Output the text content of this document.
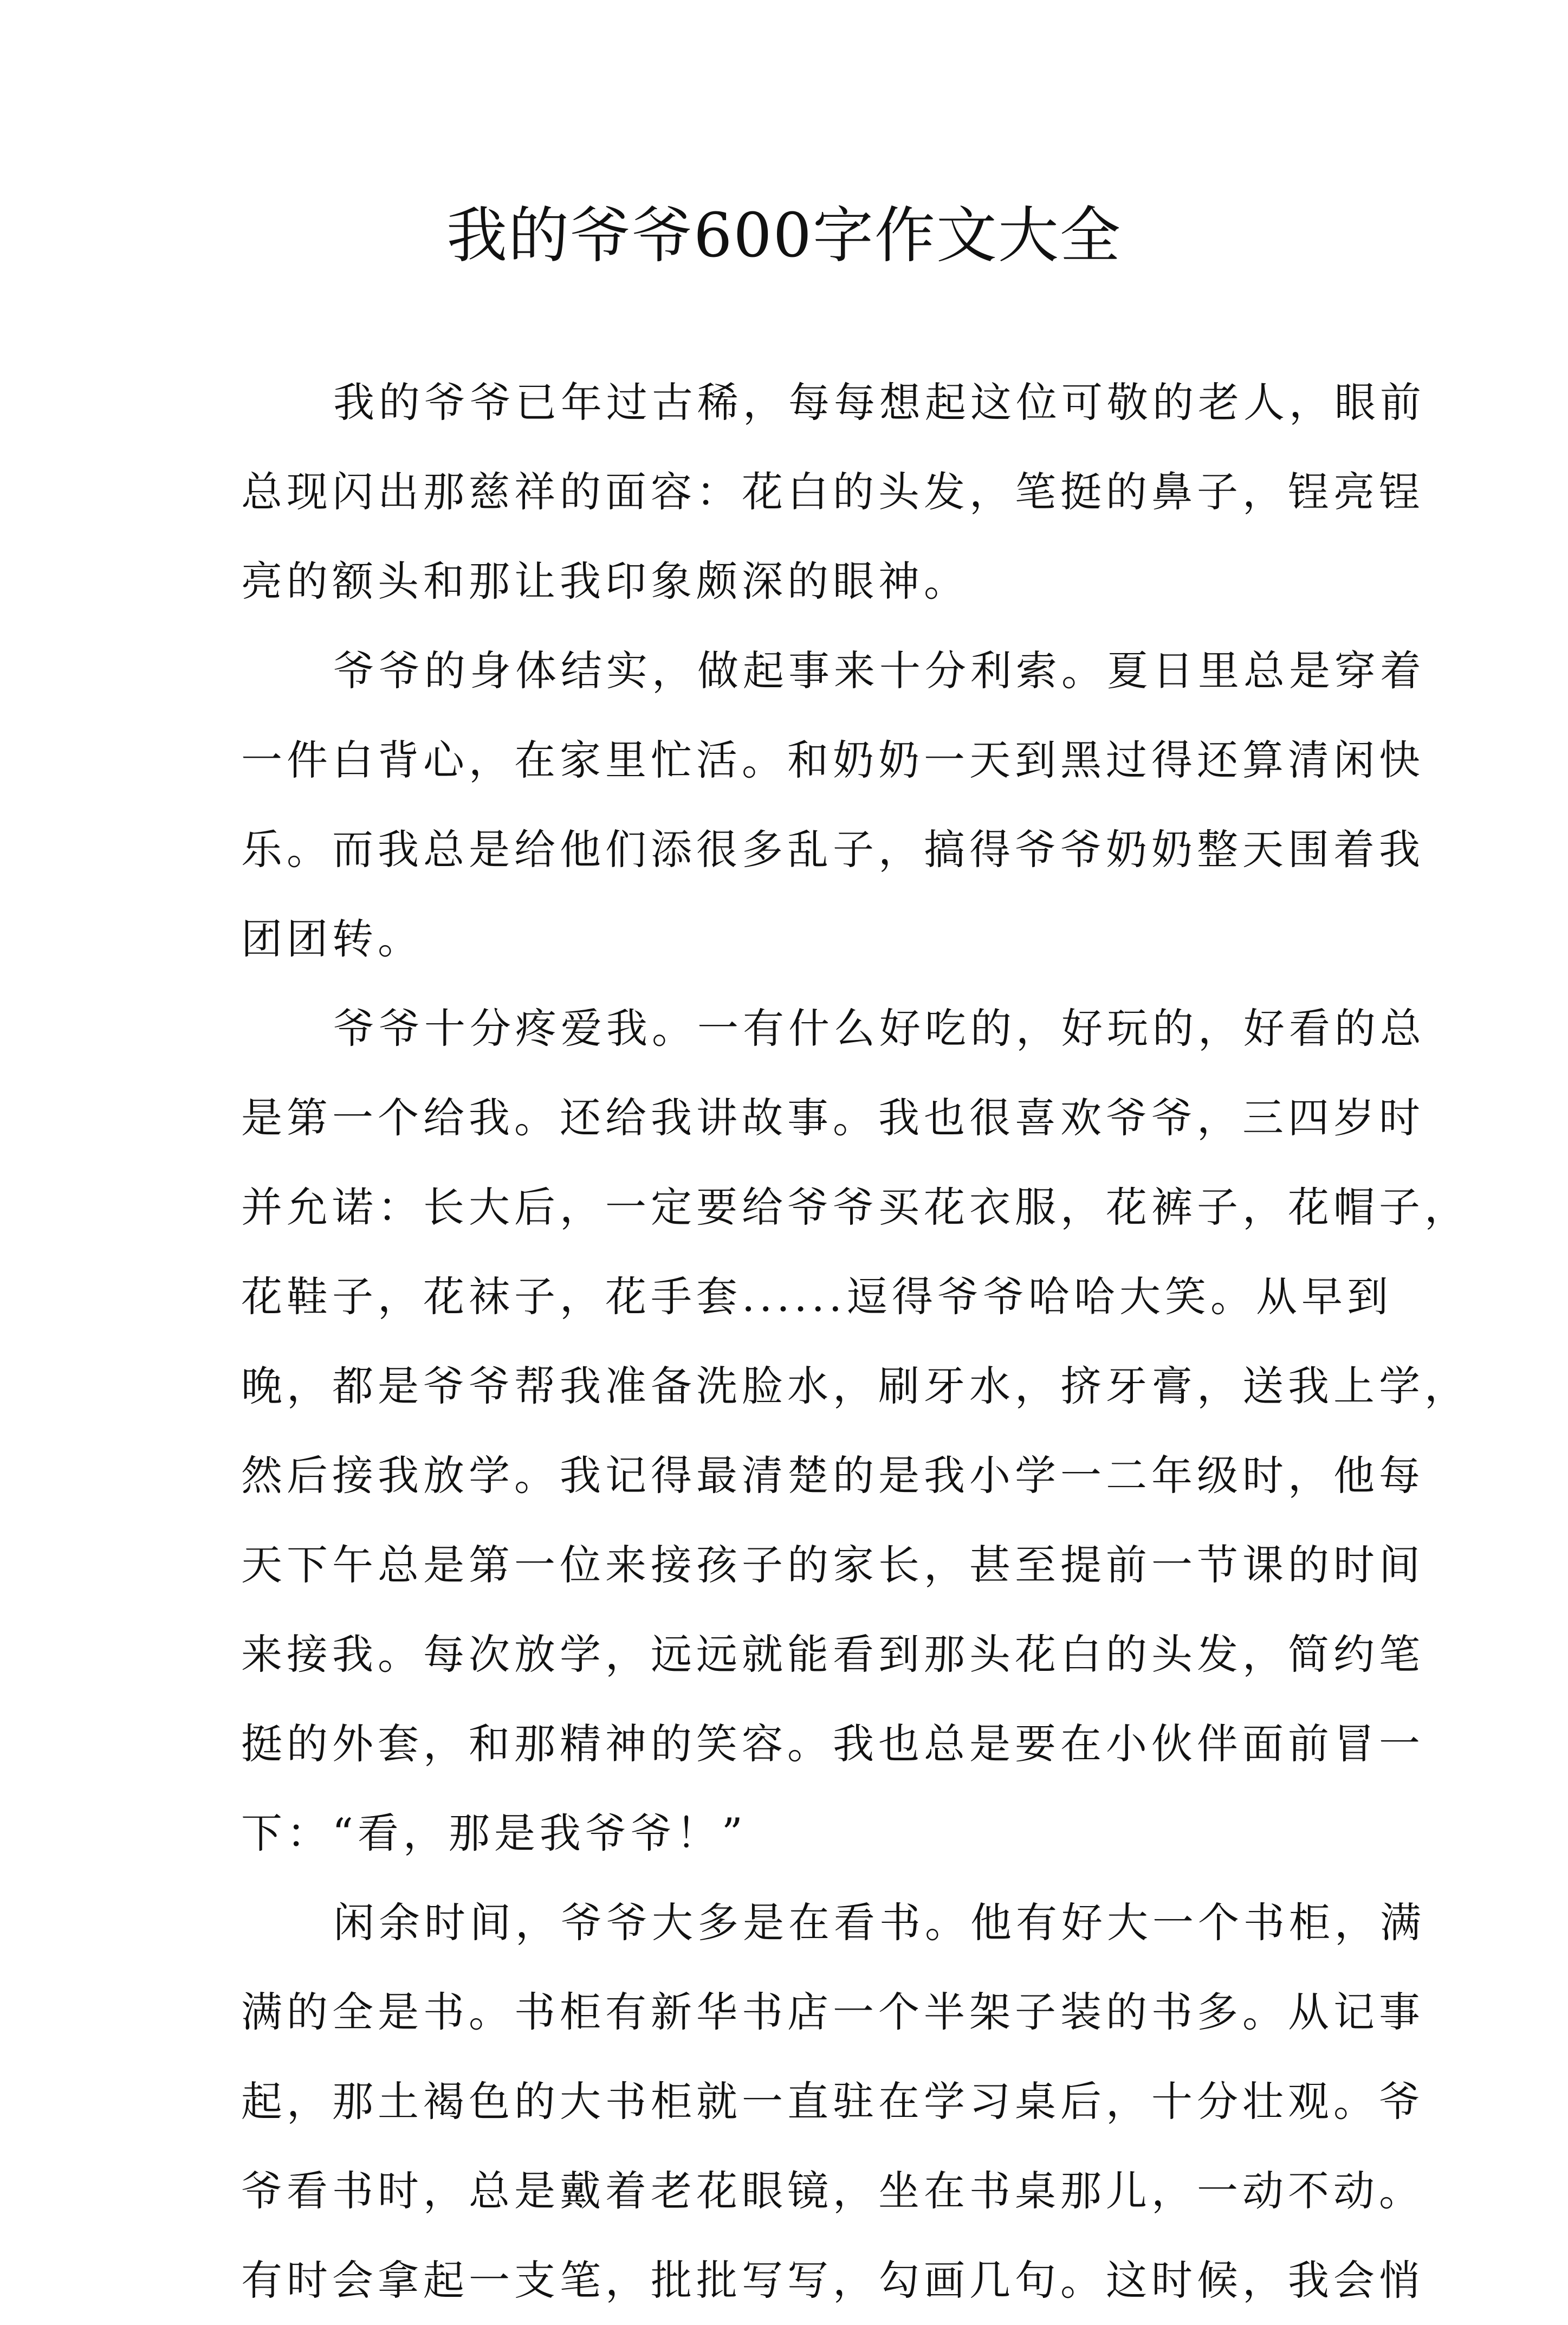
我的爷爷600字作文大全
我的爷爷已年过古稀，每每想起这位可敬的老人，眼前
总现闪出那慈祥的面容：花白的头发，笔挺的鼻子，锃亮锃
亮的额头和那让我印象颇深的眼神。
爷爷的身体结实，做起事来十分利索。夏日里总是穿着
一件白背心，在家里忙活。和奶奶一天到黑过得还算清闲快
乐。而我总是给他们添很多乱子，搞得爷爷奶奶整天围着我
团团转。
爷爷十分疼爱我。一有什么好吃的，好玩的，好看的总
是第一个给我。还给我讲故事。我也很喜欢爷爷，三四岁时
并允诺：长大后，一定要给爷爷买花衣服，花裤子，花帽子，
花鞋子，花袜子，花手套......逗得爷爷哈哈大笑。从早到
晚，都是爷爷帮我准备洗脸水，刷牙水，挤牙膏，送我上学，
然后接我放学。我记得最清楚的是我小学一二年级时，他每
天下午总是第一位来接孩子的家长，甚至提前一节课的时间
来接我。每次放学，远远就能看到那头花白的头发，简约笔
挺的外套，和那精神的笑容。我也总是要在小伙伴面前冒一
下：“看，那是我爷爷！”
闲余时间，爷爷大多是在看书。他有好大一个书柜，满
满的全是书。书柜有新华书店一个半架子装的书多。从记事
起，那土褐色的大书柜就一直驻在学习桌后，十分壮观。爷
爷看书时，总是戴着老花眼镜，坐在书桌那儿，一动不动。
有时会拿起一支笔，批批写写，勾画几句。这时候，我会悄
